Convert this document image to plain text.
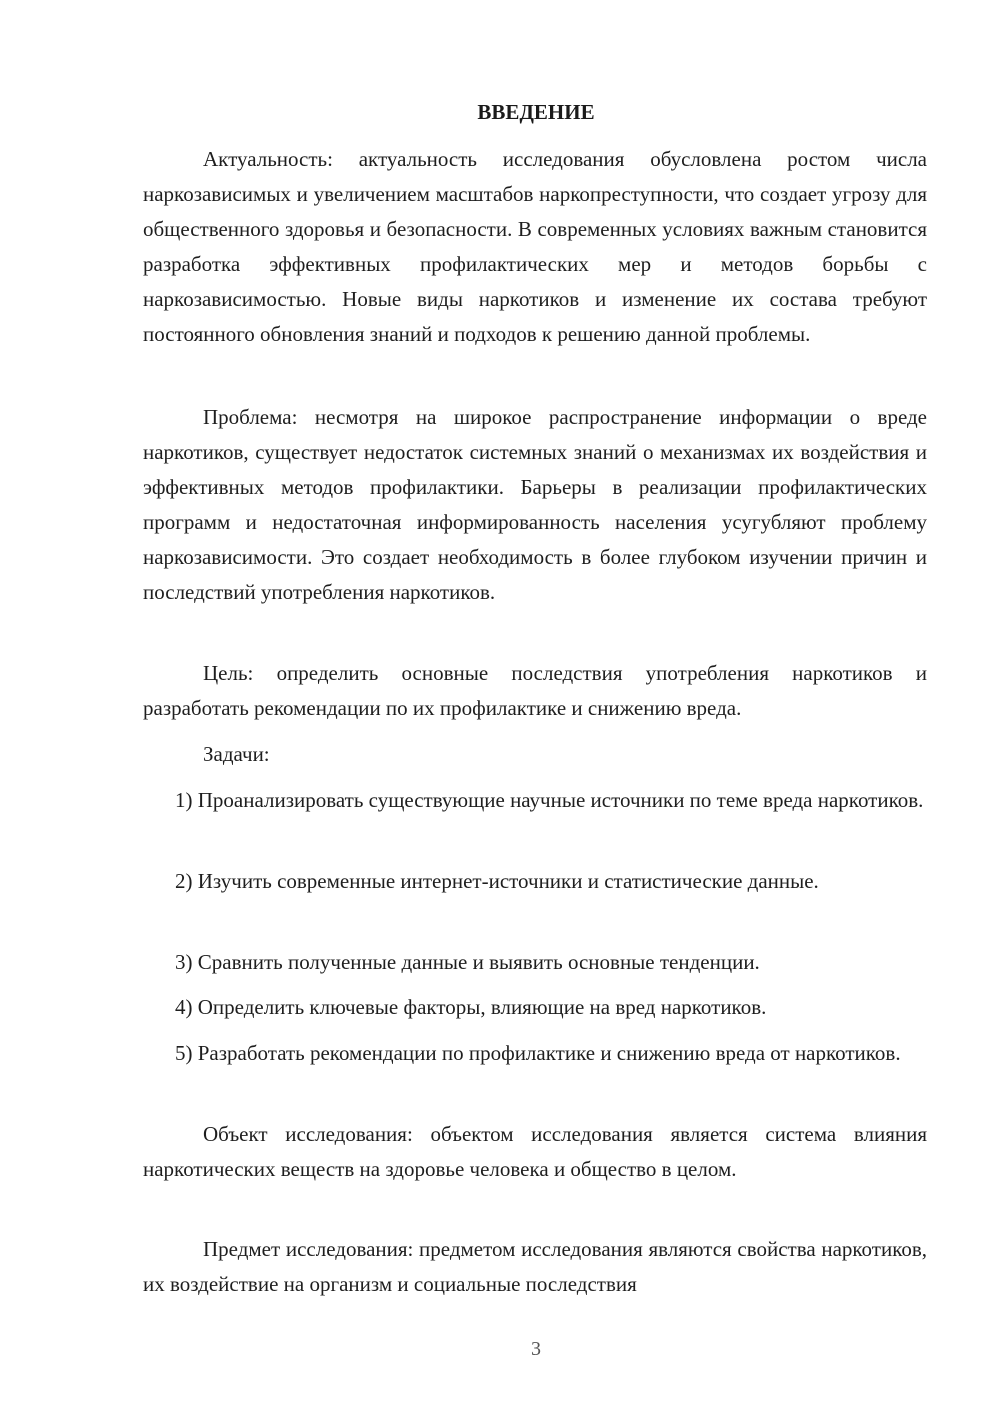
ВВЕДЕНИЕ

Актуальность: актуальность исследования обусловлена ростом числа наркозависимых и увеличением масштабов наркопреступности, что создает угрозу для общественного здоровья и безопасности. В современных условиях важным становится разработка эффективных профилактических мер и методов борьбы с наркозависимостью. Новые виды наркотиков и изменение их состава требуют постоянного обновления знаний и подходов к решению данной проблемы.

Проблема: несмотря на широкое распространение информации о вреде наркотиков, существует недостаток системных знаний о механизмах их воздействия и эффективных методов профилактики. Барьеры в реализации профилактических программ и недостаточная информированность населения усугубляют проблему наркозависимости. Это создает необходимость в более глубоком изучении причин и последствий употребления наркотиков.

Цель: определить основные последствия употребления наркотиков и разработать рекомендации по их профилактике и снижению вреда.

Задачи:

1) Проанализировать существующие научные источники по теме вреда наркотиков.

2) Изучить современные интернет-источники и статистические данные.

3) Сравнить полученные данные и выявить основные тенденции.

4) Определить ключевые факторы, влияющие на вред наркотиков.

5) Разработать рекомендации по профилактике и снижению вреда от наркотиков.

Объект исследования: объектом исследования является система влияния наркотических веществ на здоровье человека и общество в целом.

Предмет исследования: предметом исследования являются свойства наркотиков, их воздействие на организм и социальные последствия

3
